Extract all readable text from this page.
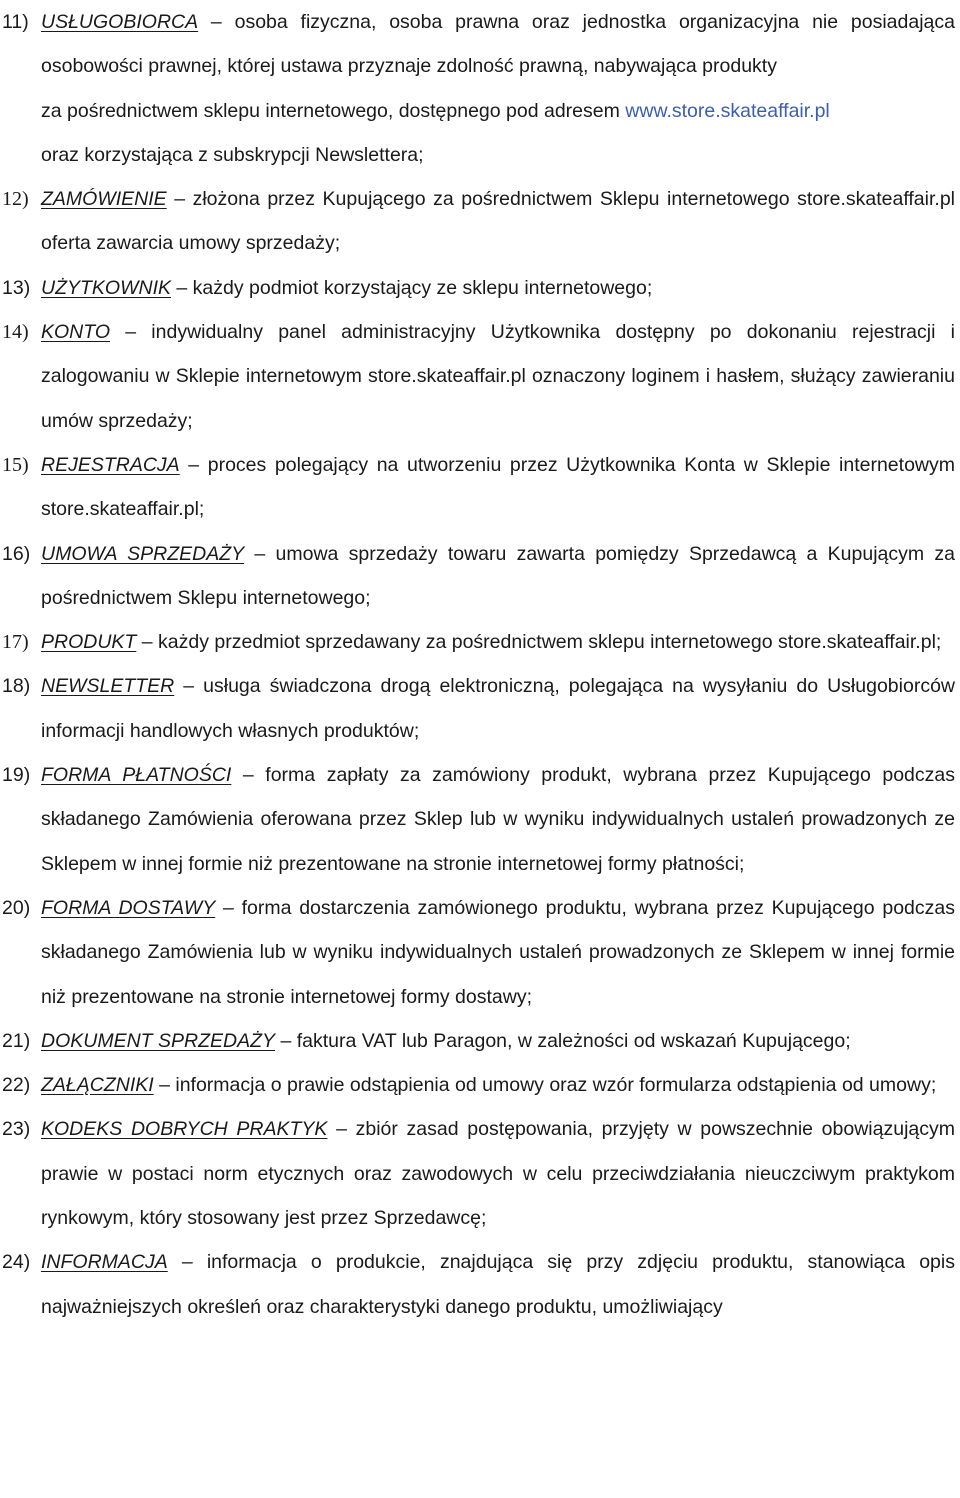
11) USŁUGOBIORCA – osoba fizyczna, osoba prawna oraz jednostka organizacyjna nie posiadająca osobowości prawnej, której ustawa przyznaje zdolność prawną, nabywająca produkty
za pośrednictwem sklepu internetowego, dostępnego pod adresem www.store.skateaffair.pl
oraz korzystająca z subskrypcji Newslettera;
12) ZAMÓWIENIE – złożona przez Kupującego za pośrednictwem Sklepu internetowego store.skateaffair.pl oferta zawarcia umowy sprzedaży;
13) UŻYTKOWNIK – każdy podmiot korzystający ze sklepu internetowego;
14) KONTO – indywidualny panel administracyjny Użytkownika dostępny po dokonaniu rejestracji i zalogowaniu w Sklepie internetowym store.skateaffair.pl oznaczony loginem i hasłem, służący zawieraniu umów sprzedaży;
15) REJESTRACJA – proces polegający na utworzeniu przez Użytkownika Konta w Sklepie internetowym store.skateaffair.pl;
16) UMOWA SPRZEDAŻY – umowa sprzedaży towaru zawarta pomiędzy Sprzedawcą a Kupującym za pośrednictwem Sklepu internetowego;
17) PRODUKT – każdy przedmiot sprzedawany za pośrednictwem sklepu internetowego store.skateaffair.pl;
18) NEWSLETTER – usługa świadczona drogą elektroniczną, polegająca na wysyłaniu do Usługobiorców informacji handlowych własnych produktów;
19) FORMA PŁATNOŚCI – forma zapłaty za zamówiony produkt, wybrana przez Kupującego podczas składanego Zamówienia oferowana przez Sklep lub w wyniku indywidualnych ustaleń prowadzonych ze Sklepem w innej formie niż prezentowane na stronie internetowej formy płatności;
20) FORMA DOSTAWY – forma dostarczenia zamówionego produktu, wybrana przez Kupującego podczas składanego Zamówienia lub w wyniku indywidualnych ustaleń prowadzonych ze Sklepem w innej formie niż prezentowane na stronie internetowej formy dostawy;
21) DOKUMENT SPRZEDAŻY – faktura VAT lub Paragon, w zależności od wskazań Kupującego;
22) ZAŁĄCZNIKI – informacja o prawie odstąpienia od umowy oraz wzór formularza odstąpienia od umowy;
23) KODEKS DOBRYCH PRAKTYK – zbiór zasad postępowania, przyjęty w powszechnie obowiązującym prawie w postaci norm etycznych oraz zawodowych w celu przeciwdziałania nieuczciwym praktykom rynkowym, który stosowany jest przez Sprzedawcę;
24) INFORMACJA – informacja o produkcie, znajdująca się przy zdjęciu produktu, stanowiąca opis najważniejszych określeń oraz charakterystyki danego produktu, umożliwiający
